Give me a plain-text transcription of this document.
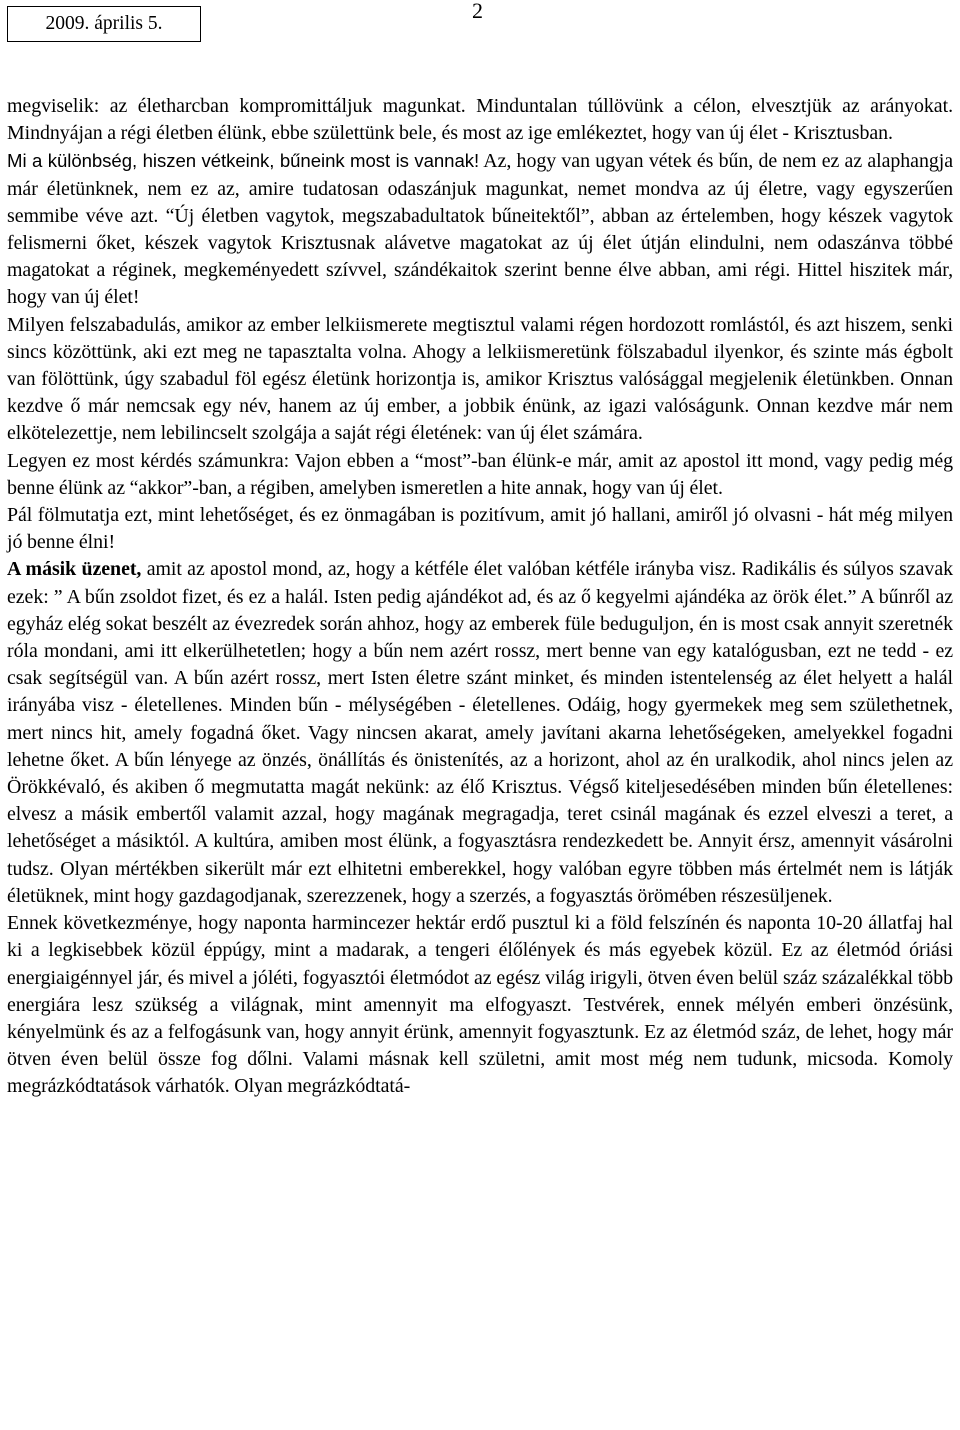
2009. április 5.
2

megviselik: az életharcban kompromittáljuk magunkat. Minduntalan túllövünk a célon, elvesztjük az arányokat. Mindnyájan a régi életben élünk, ebbe születtünk bele, és most az ige emlékeztet, hogy van új élet - Krisztusban.

Mi a különbség, hiszen vétkeink, bűneink most is vannak! Az, hogy van ugyan vétek és bűn, de nem ez az alaphangja már életünknek, nem ez az, amire tudatosan odaszánjuk magunkat, nemet mondva az új életre, vagy egyszerűen semmibe véve azt. “Új életben vagytok, megszabadultatok bűneitektől”, abban az értelemben, hogy készek vagytok felismerni őket, készek vagytok Krisztusnak alávetve magatokat az új élet útján elindulni, nem odaszánva többé magatokat a réginek, megkeményedett szívvel, szándékaitok szerint benne élve abban, ami régi. Hittel hiszitek már, hogy van új élet!

Milyen felszabadulás, amikor az ember lelkiismerete megtisztul valami régen hordozott romlástól, és azt hiszem, senki sincs közöttünk, aki ezt meg ne tapasztalta volna. Ahogy a lelkiismeretünk fölszabadul ilyenkor, és szinte más égbolt van fölöttünk, úgy szabadul föl egész életünk horizontja is, amikor Krisztus valósággal megjelenik életünkben. Onnan kezdve ő már nemcsak egy név, hanem az új ember, a jobbik énünk, az igazi valóságunk. Onnan kezdve már nem elkötelezettje, nem lebilincselt szolgája a saját régi életének: van új élet számára.

Legyen ez most kérdés számunkra: Vajon ebben a “most”-ban élünk-e már, amit az apostol itt mond, vagy pedig még benne élünk az “akkor”-ban, a régiben, amelyben ismeretlen a hite annak, hogy van új élet.

Pál fölmutatja ezt, mint lehetőséget, és ez önmagában is pozitívum, amit jó hallani, amiről jó olvasni - hát még milyen jó benne élni!

A másik üzenet, amit az apostol mond, az, hogy a kétféle élet valóban kétféle irányba visz. Radikális és súlyos szavak ezek: ” A bűn zsoldot fizet, és ez a halál. Isten pedig ajándékot ad, és az ő kegyelmi ajándéka az örök élet.” A bűnről az egyház elég sokat beszélt az évezredek során ahhoz, hogy az emberek füle beduguljon, én is most csak annyit szeretnék róla mondani, ami itt elkerülhetetlen; hogy a bűn nem azért rossz, mert benne van egy katalógusban, ezt ne tedd - ez csak segítségül van. A bűn azért rossz, mert Isten életre szánt minket, és minden istentelenség az élet helyett a halál irányába visz - életellenes. Minden bűn - mélységében - életellenes. Odáig, hogy gyermekek meg sem születhetnek, mert nincs hit, amely fogadná őket. Vagy nincsen akarat, amely javítani akarna lehetőségeken, amelyekkel fogadni lehetne őket. A bűn lényege az önzés, önállítás és önistenítés, az a horizont, ahol az én uralkodik, ahol nincs jelen az Örökkévaló, és akiben ő megmutatta magát nekünk: az élő Krisztus. Végső kiteljesedésében minden bűn életellenes: elvesz a másik embertől valamit azzal, hogy magának megragadja, teret csinál magának és ezzel elveszi a teret, a lehetőséget a másiktól. A kultúra, amiben most élünk, a fogyasztásra rendezkedett be. Annyit érsz, amennyit vásárolni tudsz. Olyan mértékben sikerült már ezt elhitetni emberekkel, hogy valóban egyre többen más értelmét nem is látják életüknek, mint hogy gazdagodjanak, szerezzenek, hogy a szerzés, a fogyasztás örömében részesüljenek.

Ennek következménye, hogy naponta harmincezer hektár erdő pusztul ki a föld felszínén és naponta 10-20 állatfaj hal ki a legkisebbek közül éppúgy, mint a madarak, a tengeri élőlények és más egyebek közül. Ez az életmód óriási energiaigénnyel jár, és mivel a jóléti, fogyasztói életmódot az egész világ irigyli, ötven éven belül száz százalékkal több energiára lesz szükség a világnak, mint amennyit ma elfogyaszt. Testvérek, ennek mélyén emberi önzésünk, kényelmünk és az a felfogásunk van, hogy annyit érünk, amennyit fogyasztunk. Ez az életmód száz, de lehet, hogy már ötven éven belül össze fog dőlni. Valami másnak kell születni, amit most még nem tudunk, micsoda. Komoly megrázkódtatások várhatók. Olyan megrázkódtatá-
